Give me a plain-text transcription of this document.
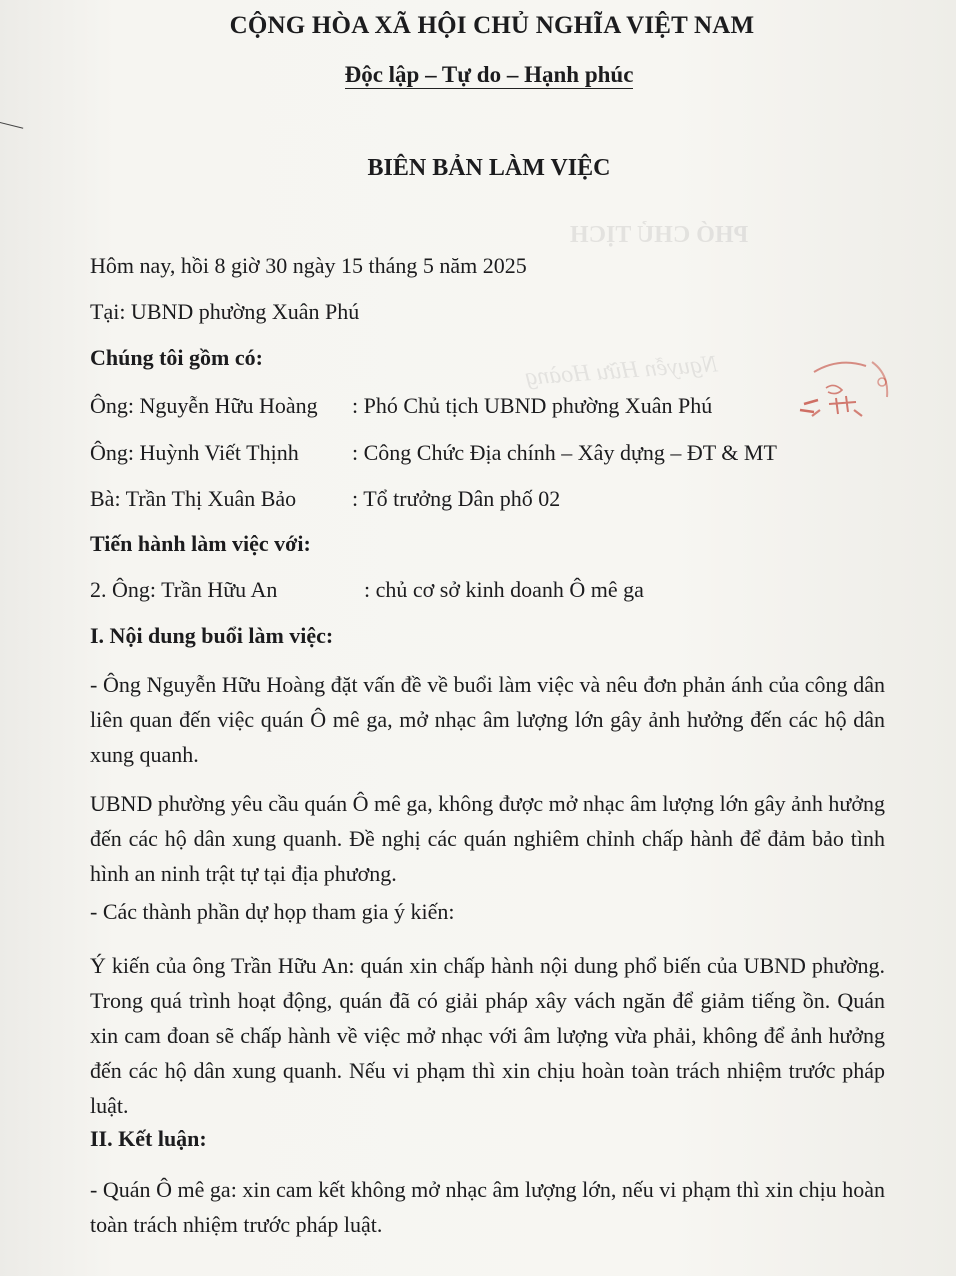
CỘNG HÒA XÃ HỘI CHỦ NGHĨA VIỆT NAM
Độc lập – Tự do – Hạnh phúc
BIÊN BẢN LÀM VIỆC
PHÓ CHỦ TỊCH
Nguyễn Hữu Hoàng
Hôm nay, hồi 8 giờ 30 ngày 15 tháng 5 năm 2025
Tại: UBND phường Xuân Phú
Chúng tôi gồm có:
Ông: Nguyễn Hữu Hoàng : Phó Chủ tịch UBND phường Xuân Phú
Ông: Huỳnh Viết Thịnh : Công Chức Địa chính – Xây dựng – ĐT & MT
Bà: Trần Thị Xuân Bảo	: Tổ trưởng Dân phố 02
Tiến hành làm việc với:
2. Ông: Trần Hữu An	: chủ cơ sở kinh doanh Ô mê ga
I. Nội dung buổi làm việc:
- Ông Nguyễn Hữu Hoàng đặt vấn đề về buổi làm việc và nêu đơn phản ánh của công dân liên quan đến việc quán Ô mê ga, mở nhạc âm lượng lớn gây ảnh hưởng đến các hộ dân xung quanh.
UBND phường yêu cầu quán Ô mê ga, không được mở nhạc âm lượng lớn gây ảnh hưởng đến các hộ dân xung quanh. Đề nghị các quán nghiêm chỉnh chấp hành để đảm bảo tình hình an ninh trật tự tại địa phương.
- Các thành phần dự họp tham gia ý kiến:
Ý kiến của ông Trần Hữu An: quán xin chấp hành nội dung phổ biến của UBND phường. Trong quá trình hoạt động, quán đã có giải pháp xây vách ngăn để giảm tiếng ồn. Quán xin cam đoan sẽ chấp hành về việc mở nhạc với âm lượng vừa phải, không để ảnh hưởng đến các hộ dân xung quanh. Nếu vi phạm thì xin chịu hoàn toàn trách nhiệm trước pháp luật.
II. Kết luận:
- Quán Ô mê ga: xin cam kết không mở nhạc âm lượng lớn, nếu vi phạm thì xin chịu hoàn toàn trách nhiệm trước pháp luật.
